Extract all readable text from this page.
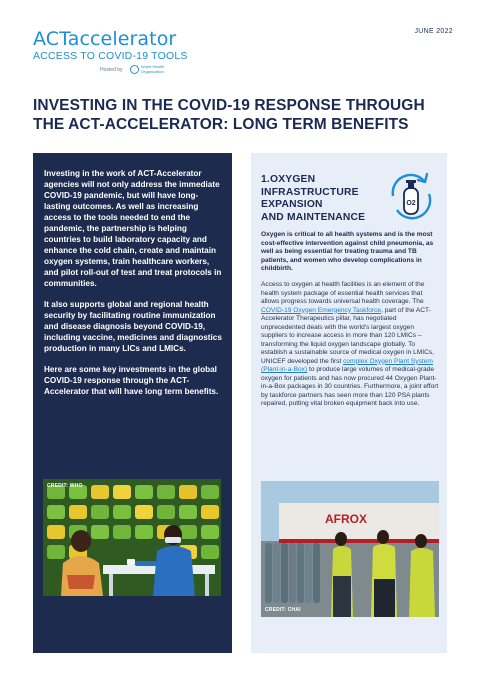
ACTaccelerator
ACCESS TO COVID-19 TOOLS
Hosted by
World Health Organization
JUNE 2022
INVESTING IN THE COVID-19 RESPONSE THROUGH
THE ACT-ACCELERATOR: LONG TERM BENEFITS

Investing in the work of ACT-Accelerator agencies will not only address the immediate COVID-19 pandemic, but will have long-lasting outcomes. As well as increasing access to the tools needed to end the pandemic, the partnership is helping countries to build laboratory capacity and enhance the cold chain, create and maintain oxygen systems, train healthcare workers, and pilot roll-out of test and treat protocols in communities.

It also supports global and regional health security by facilitating routine immunization and disease diagnosis beyond COVID-19, including vaccine, medicines and diagnostics production in many LICs and LMICs.

Here are some key investments in the global COVID-19 response through the ACT-Accelerator that will have long term benefits.

CREDIT: WHO
1.OXYGEN
INFRASTRUCTURE
EXPANSION
AND MAINTENANCE
O2
Oxygen is critical to all health systems and is the most cost-effective intervention against child pneumonia, as well as being essential for treating trauma and TB patients, and women who develop complications in childbirth.
Access to oxygen at health facilities is an element of the health system package of essential health services that allows progress towards universal health coverage. The COVID-19 Oxygen Emergency Taskforce, part of the ACT-Accelerator Therapeutics pillar, has negotiated unprecedented deals with the world's largest oxygen suppliers to increase access in more than 120 LMICs – transforming the liquid oxygen landscape globally. To establish a sustainable source of medical oxygen in LMICs, UNICEF developed the first complex Oxygen Plant System (Plant-in-a-Box) to produce large volumes of medical-grade oxygen for patients and has now procured 44 Oxygen Plant-in-a-Box packages in 30 countries. Furthermore, a joint effort by taskforce partners has seen more than 120 PSA plants repaired, putting vital broken equipment back into use.
AFROX
CREDIT: CHAI
